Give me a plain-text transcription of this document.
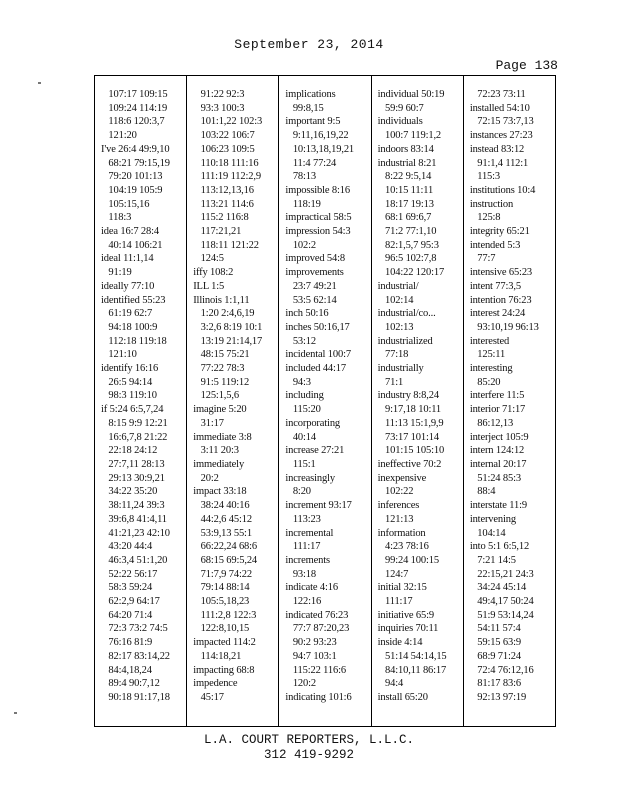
September 23, 2014
Page 138
107:17 109:15
109:24 114:19
118:6 120:3,7
121:20
I've 26:4 49:9,10
68:21 79:15,19
79:20 101:13
104:19 105:9
105:15,16
118:3
idea 16:7 28:4
40:14 106:21
ideal 11:1,14
91:19
ideally 77:10
identified 55:23
61:19 62:7
94:18 100:9
112:18 119:18
121:10
identify 16:16
26:5 94:14
98:3 119:10
if 5:24 6:5,7,24
8:15 9:9 12:21
16:6,7,8 21:22
22:18 24:12
27:7,11 28:13
29:13 30:9,21
34:22 35:20
38:11,24 39:3
39:6,8 41:4,11
41:21,23 42:10
43:20 44:4
46:3,4 51:1,20
52:22 56:17
58:3 59:24
62:2,9 64:17
64:20 71:4
72:3 73:2 74:5
76:16 81:9
82:17 83:14,22
84:4,18,24
89:4 90:7,12
90:18 91:17,18
91:22 92:3
93:3 100:3
101:1,22 102:3
103:22 106:7
106:23 109:5
110:18 111:16
111:19 112:2,9
113:12,13,16
113:21 114:6
115:2 116:8
117:21,21
118:11 121:22
124:5
iffy 108:2
ILL 1:5
Illinois 1:1,11
1:20 2:4,6,19
3:2,6 8:19 10:1
13:19 21:14,17
48:15 75:21
77:22 78:3
91:5 119:12
125:1,5,6
imagine 5:20
31:17
immediate 3:8
3:11 20:3
immediately
20:2
impact 33:18
38:24 40:16
44:2,6 45:12
53:9,13 55:1
66:22,24 68:6
68:15 69:5,24
71:7,9 74:22
79:14 88:14
105:5,18,23
111:2,8 122:3
122:8,10,15
impacted 114:2
114:18,21
impacting 68:8
impedence
45:17
implications
99:8,15
important 9:5
9:11,16,19,22
10:13,18,19,21
11:4 77:24
78:13
impossible 8:16
118:19
impractical 58:5
impression 54:3
102:2
improved 54:8
improvements
23:7 49:21
53:5 62:14
inch 50:16
inches 50:16,17
53:12
incidental 100:7
included 44:17
94:3
including
115:20
incorporating
40:14
increase 27:21
115:1
increasingly
8:20
increment 93:17
113:23
incremental
111:17
increments
93:18
indicate 4:16
122:16
indicated 76:23
77:7 87:20,23
90:2 93:23
94:7 103:1
115:22 116:6
120:2
indicating 101:6
individual 50:19
59:9 60:7
individuals
100:7 119:1,2
indoors 83:14
industrial 8:21
8:22 9:5,14
10:15 11:11
18:17 19:13
68:1 69:6,7
71:2 77:1,10
82:1,5,7 95:3
96:5 102:7,8
104:22 120:17
industrial/
102:14
industrial/co...
102:13
industrialized
77:18
industrially
71:1
industry 8:8,24
9:17,18 10:11
11:13 15:1,9,9
73:17 101:14
101:15 105:10
ineffective 70:2
inexpensive
102:22
inferences
121:13
information
4:23 78:16
99:24 100:15
124:7
initial 32:15
111:17
initiative 65:9
inquiries 70:11
inside 4:14
51:14 54:14,15
84:10,11 86:17
94:4
install 65:20
72:23 73:11
installed 54:10
72:15 73:7,13
instances 27:23
instead 83:12
91:1,4 112:1
115:3
institutions 10:4
instruction
125:8
integrity 65:21
intended 5:3
77:7
intensive 65:23
intent 77:3,5
intention 76:23
interest 24:24
93:10,19 96:13
interested
125:11
interesting
85:20
interfere 11:5
interior 71:17
86:12,13
interject 105:9
intern 124:12
internal 20:17
51:24 85:3
88:4
interstate 11:9
intervening
104:14
into 5:1 6:5,12
7:21 14:5
22:15,21 24:3
34:24 45:14
49:4,17 50:24
51:9 53:14,24
54:11 57:4
59:15 63:9
68:9 71:24
72:4 76:12,16
81:17 83:6
92:13 97:19
L.A. COURT REPORTERS, L.L.C.
312 419-9292
